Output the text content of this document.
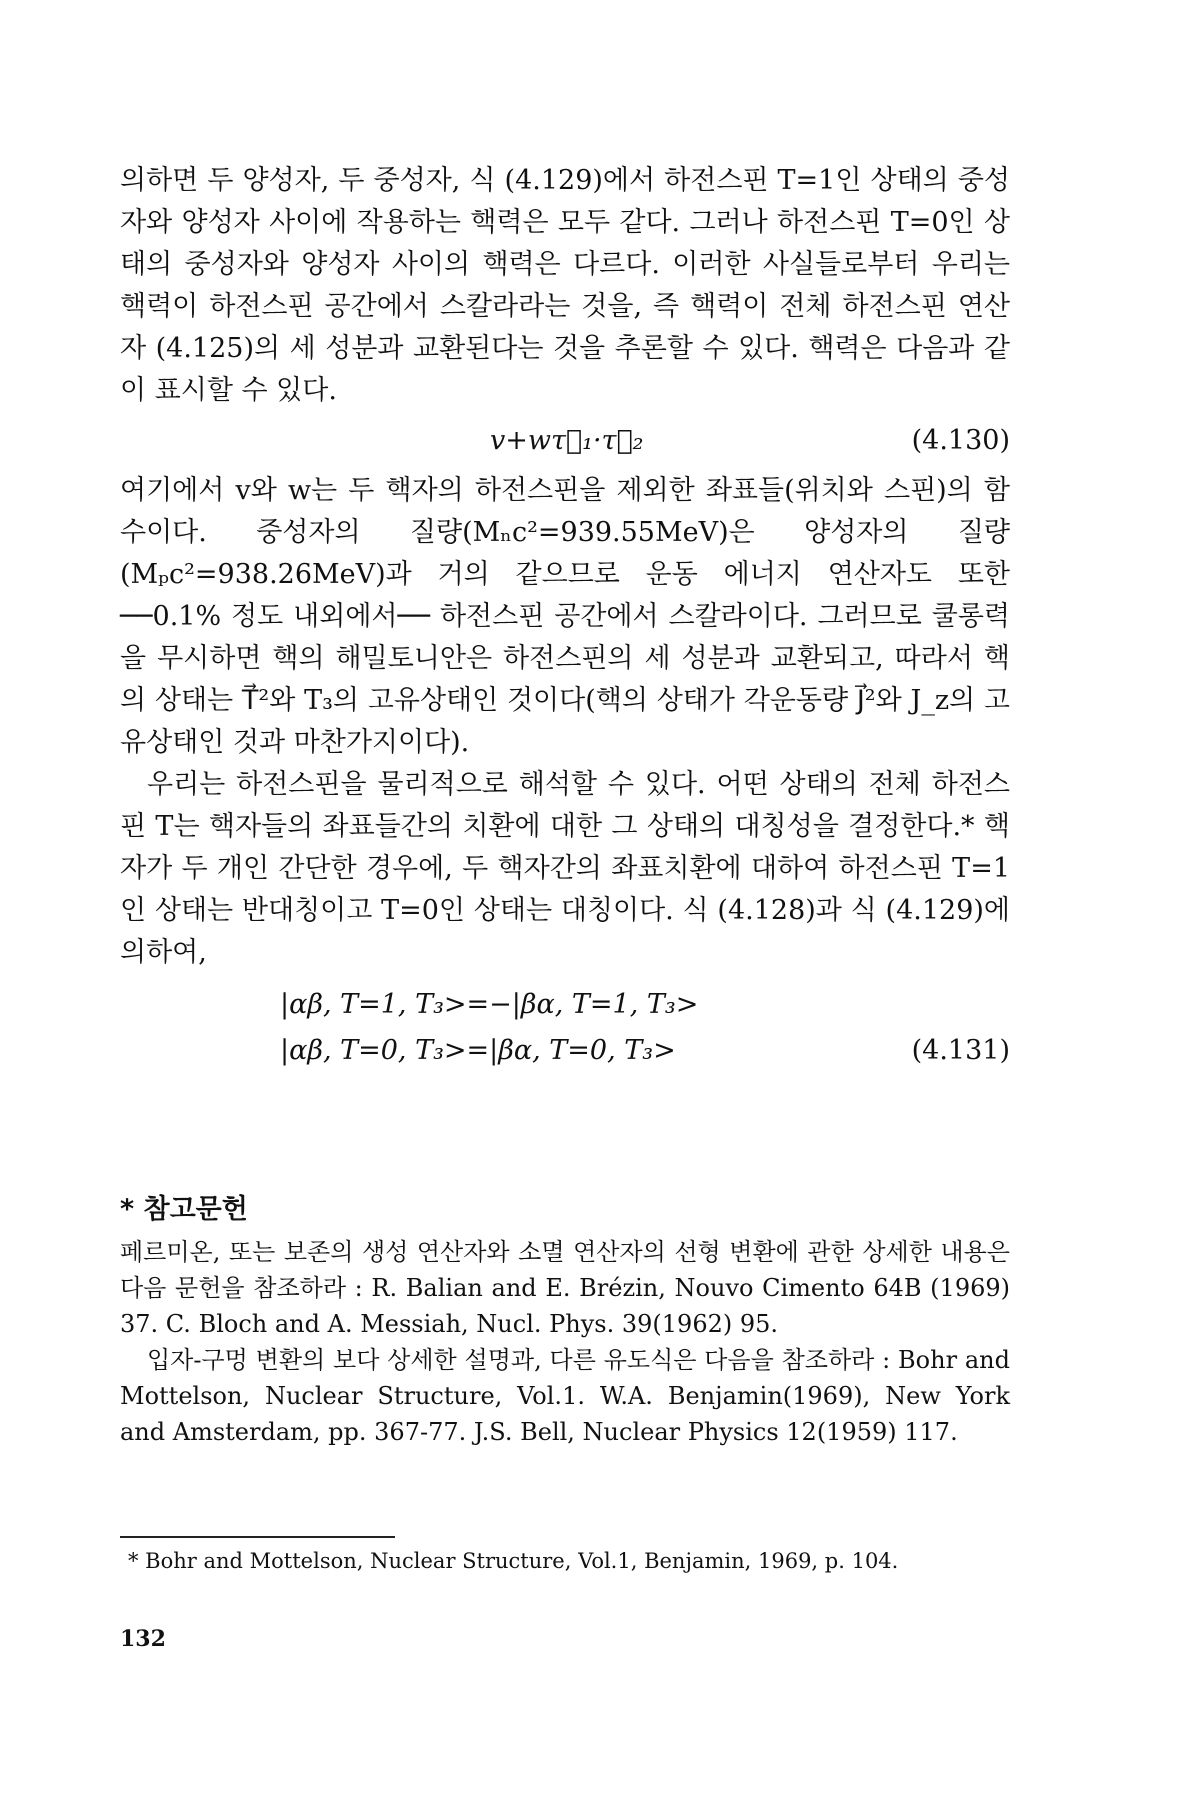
의하면 두 양성자, 두 중성자, 식 (4.129)에서 하전스핀 T=1인 상태의 중성자와 양성자 사이에 작용하는 핵력은 모두 같다. 그러나 하전스핀 T=0인 상태의 중성자와 양성자 사이의 핵력은 다르다. 이러한 사실들로부터 우리는 핵력이 하전스핀 공간에서 스칼라라는 것을, 즉 핵력이 전체 하전스핀 연산자 (4.125)의 세 성분과 교환된다는 것을 추론할 수 있다. 핵력은 다음과 같이 표시할 수 있다.

v+wτ⃗₁·τ⃗₂	(4.130)

여기에서 v와 w는 두 핵자의 하전스핀을 제외한 좌표들(위치와 스핀)의 함수이다. 중성자의 질량(Mₙc²=939.55MeV)은 양성자의 질량(Mₚc²=938.26MeV)과 거의 같으므로 운동 에너지 연산자도 또한 ──0.1% 정도 내외에서── 하전스핀 공간에서 스칼라이다. 그러므로 쿨롱력을 무시하면 핵의 해밀토니안은 하전스핀의 세 성분과 교환되고, 따라서 핵의 상태는 T⃗²와 T₃의 고유상태인 것이다(핵의 상태가 각운동량 J⃗²와 J_z의 고유상태인 것과 마찬가지이다).

우리는 하전스핀을 물리적으로 해석할 수 있다. 어떤 상태의 전체 하전스핀 T는 핵자들의 좌표들간의 치환에 대한 그 상태의 대칭성을 결정한다.* 핵자가 두 개인 간단한 경우에, 두 핵자간의 좌표치환에 대하여 하전스핀 T=1인 상태는 반대칭이고 T=0인 상태는 대칭이다. 식 (4.128)과 식 (4.129)에 의하여,

|αβ, T=1, T₃>=−|βα, T=1, T₃>
|αβ, T=0, T₃>=|βα, T=0, T₃>	(4.131)
* 참고문헌

페르미온, 또는 보존의 생성 연산자와 소멸 연산자의 선형 변환에 관한 상세한 내용은 다음 문헌을 참조하라 : R. Balian and E. Brézin, Nouvo Cimento 64B (1969) 37. C. Bloch and A. Messiah, Nucl. Phys. 39(1962) 95.

입자-구멍 변환의 보다 상세한 설명과, 다른 유도식은 다음을 참조하라 : Bohr and Mottelson, Nuclear Structure, Vol.1. W.A. Benjamin(1969), New York and Amsterdam, pp. 367-77. J.S. Bell, Nuclear Physics 12(1959) 117.

* Bohr and Mottelson, Nuclear Structure, Vol.1, Benjamin, 1969, p. 104.
132
